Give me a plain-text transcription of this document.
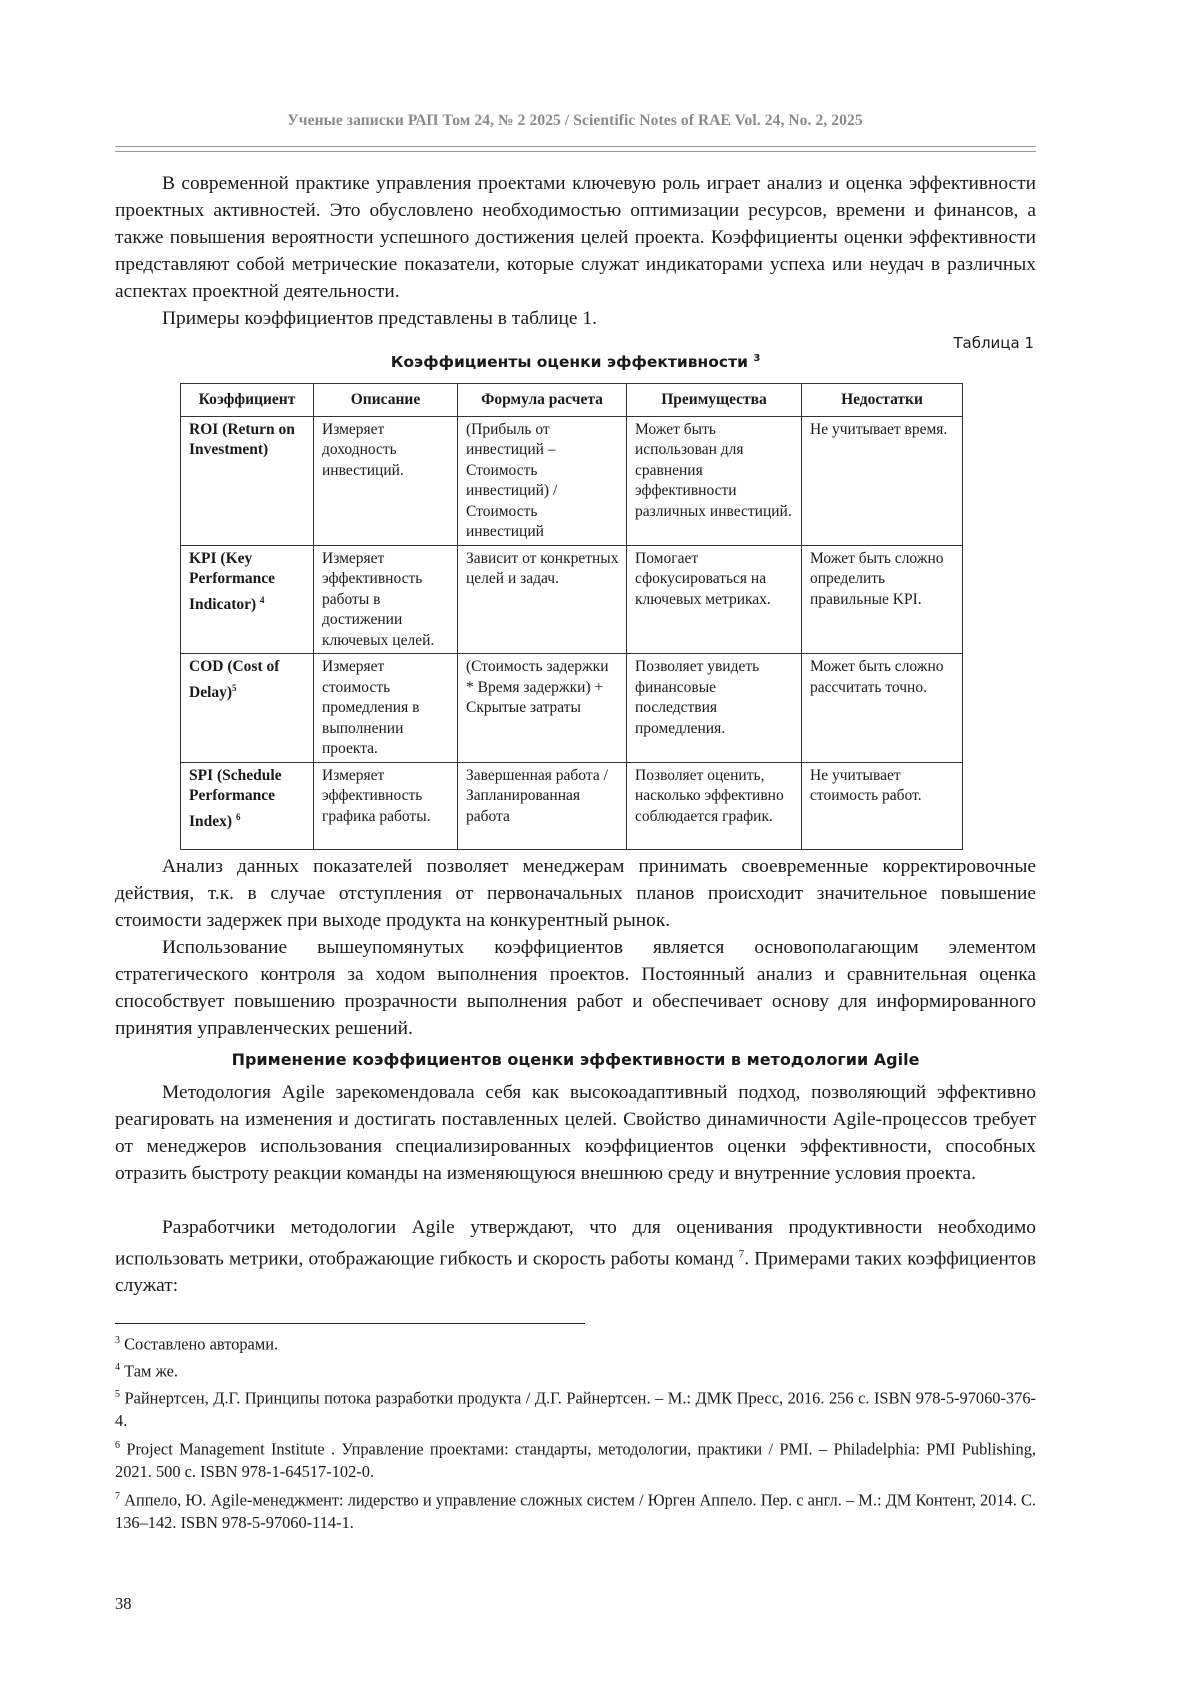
Ученые записки РАП Том 24, № 2 2025 / Scientific Notes of RAE Vol. 24, No. 2, 2025

В современной практике управления проектами ключевую роль играет анализ и оценка эффективности проектных активностей. Это обусловлено необходимостью оптимизации ресурсов, времени и финансов, а также повышения вероятности успешного достижения целей проекта. Коэффициенты оценки эффективности представляют собой метрические показатели, которые служат индикаторами успеха или неудач в различных аспектах проектной деятельности.

Примеры коэффициентов представлены в таблице 1.

Таблица 1
Коэффициенты оценки эффективности $^3$
Коэффициент	Описание	Формула расчета	Преимущества	Недостатки
ROI (Return on Investment)	Измеряет доходность инвестиций.	(Прибыль от инвестиций – Стоимость инвестиций) / Стоимость инвестиций	Может быть использован для сравнения эффективности различных инвестиций.	Не учитывает время.
KPI (Key Performance Indicator) $^4$	Измеряет эффективность работы в достижении ключевых целей.	Зависит от конкретных целей и задач.	Помогает сфокусироваться на ключевых метриках.	Может быть сложно определить правильные KPI.
COD (Cost of Delay)$^5$	Измеряет стоимость промедления в выполнении проекта.	(Стоимость задержки * Время задержки) + Скрытые затраты	Позволяет увидеть финансовые последствия промедления.	Может быть сложно рассчитать точно.
SPI (Schedule Performance Index) $^6$	Измеряет эффективность графика работы.	Завершенная работа / Запланированная работа	Позволяет оценить, насколько эффективно соблюдается график.	Не учитывает стоимость работ.

Анализ данных показателей позволяет менеджерам принимать своевременные корректировочные действия, т.к. в случае отступления от первоначальных планов происходит значительное повышение стоимости задержек при выходе продукта на конкурентный рынок.

Использование вышеупомянутых коэффициентов является основополагающим элементом стратегического контроля за ходом выполнения проектов. Постоянный анализ и сравнительная оценка способствует повышению прозрачности выполнения работ и обеспечивает основу для информированного принятия управленческих решений.

Применение коэффициентов оценки эффективности в методологии Agile

Методология Agile зарекомендовала себя как высокоадаптивный подход, позволяющий эффективно реагировать на изменения и достигать поставленных целей. Свойство динамичности Agile-процессов требует от менеджеров использования специализированных коэффициентов оценки эффективности, способных отразить быстроту реакции команды на изменяющуюся внешнюю среду и внутренние условия проекта.

Разработчики методологии Agile утверждают, что для оценивания продуктивности необходимо использовать метрики, отображающие гибкость и скорость работы команд $^7$. Примерами таких коэффициентов служат:

$^3$ Составлено авторами.

$^4$ Там же.

$^5$ Райнертсен, Д.Г. Принципы потока разработки продукта / Д.Г. Райнертсен. – М.: ДМК Пресс, 2016. 256 с. ISBN 978-5-97060-376-4.

$^6$ Project Management Institute . Управление проектами: стандарты, методологии, практики / PMI. – Philadelphia: PMI Publishing, 2021. 500 с. ISBN 978-1-64517-102-0.

$^7$ Аппело, Ю. Agile-менеджмент: лидерство и управление сложных систем / Юрген Аппело. Пер. с англ. – М.: ДМ Контент, 2014. С. 136–142. ISBN 978-5-97060-114-1.

38
